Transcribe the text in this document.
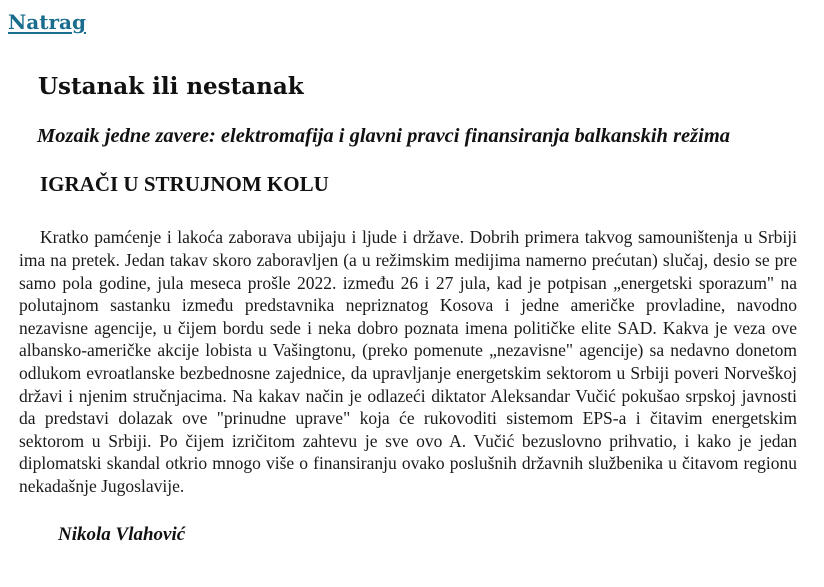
Natrag
Ustanak ili nestanak

Mozaik jedne zavere: elektromafija i glavni pravci finansiranja balkanskih režima

IGRAČI U STRUJNOM KOLU

Kratko pamćenje i lakoća zaborava ubijaju i ljude i države. Dobrih primera takvog samouništenja u Srbiji ima na pretek. Jedan takav skoro zaboravljen (a u režimskim medijima namerno prećutan) slučaj, desio se pre samo pola godine, jula meseca prošle 2022. između 26 i 27 jula, kad je potpisan „energetski sporazum" na polutajnom sastanku između predstavnika nepriznatog Kosova i jedne američke provladine, navodno nezavisne agencije, u čijem bordu sede i neka dobro poznata imena političke elite SAD. Kakva je veza ove albansko-američke akcije lobista u Vašingtonu, (preko pomenute „nezavisne" agencije) sa nedavno donetom odlukom evroatlanske bezbednosne zajednice, da upravljanje energetskim sektorom u Srbiji poveri Norveškoj državi i njenim stručnjacima. Na kakav način je odlazeći diktator Aleksandar Vučić pokušao srpskoj javnosti da predstavi dolazak ove "prinudne uprave" koja će rukovoditi sistemom EPS-a i čitavim energetskim sektorom u Srbiji. Po čijem izričitom zahtevu je sve ovo A. Vučić bezuslovno prihvatio, i kako je jedan diplomatski skandal otkrio mnogo više o finansiranju ovako poslušnih državnih službenika u čitavom regionu nekadašnje Jugoslavije.

Nikola Vlahović
